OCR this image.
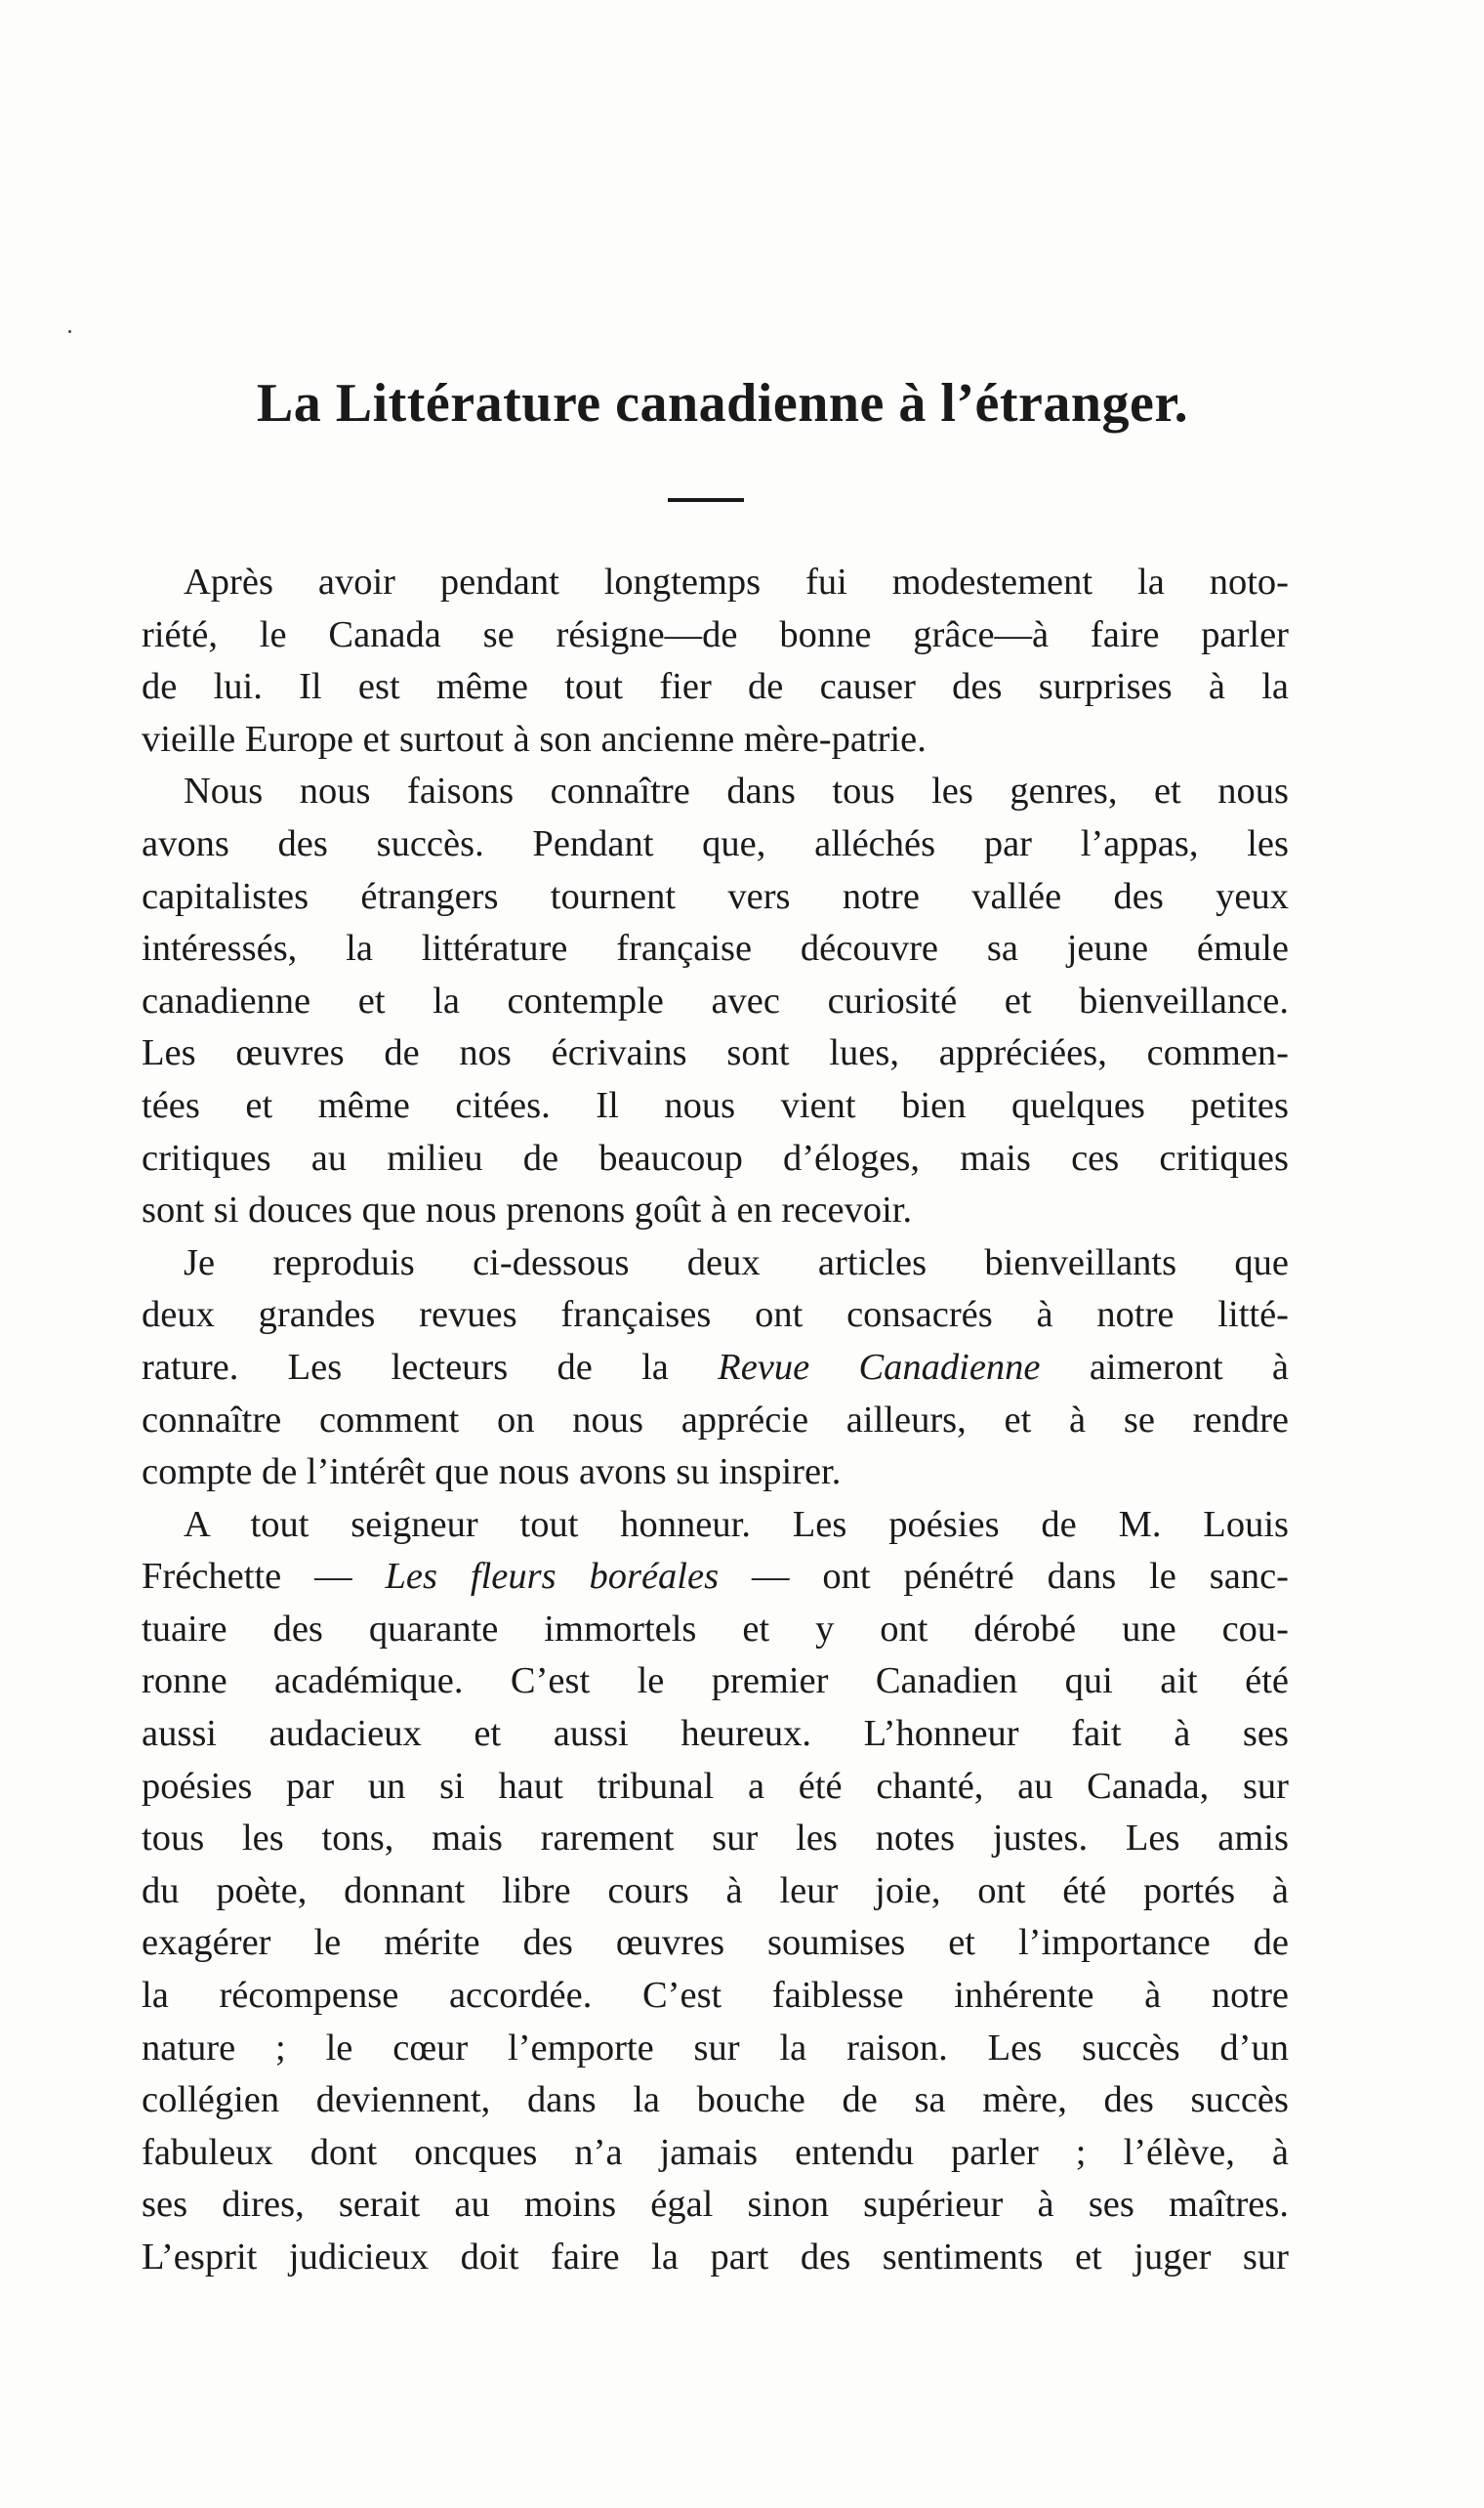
La Littérature canadienne à l’étranger.
Après avoir pendant longtemps fui modestement la noto-
riété, le Canada se résigne—de bonne grâce—à faire parler
de lui. Il est même tout fier de causer des surprises à la
vieille Europe et surtout à son ancienne mère-patrie.
Nous nous faisons connaître dans tous les genres, et nous
avons des succès. Pendant que, alléchés par l’appas, les
capitalistes étrangers tournent vers notre vallée des yeux
intéressés, la littérature française découvre sa jeune émule
canadienne et la contemple avec curiosité et bienveillance.
Les œuvres de nos écrivains sont lues, appréciées, commen-
tées et même citées. Il nous vient bien quelques petites
critiques au milieu de beaucoup d’éloges, mais ces critiques
sont si douces que nous prenons goût à en recevoir.
Je reproduis ci-dessous deux articles bienveillants que
deux grandes revues françaises ont consacrés à notre litté-
rature. Les lecteurs de la Revue Canadienne aimeront à
connaître comment on nous apprécie ailleurs, et à se rendre
compte de l’intérêt que nous avons su inspirer.
A tout seigneur tout honneur. Les poésies de M. Louis
Fréchette — Les fleurs boréales — ont pénétré dans le sanc-
tuaire des quarante immortels et y ont dérobé une cou-
ronne académique. C’est le premier Canadien qui ait été
aussi audacieux et aussi heureux. L’honneur fait à ses
poésies par un si haut tribunal a été chanté, au Canada, sur
tous les tons, mais rarement sur les notes justes. Les amis
du poète, donnant libre cours à leur joie, ont été portés à
exagérer le mérite des œuvres soumises et l’importance de
la récompense accordée. C’est faiblesse inhérente à notre
nature ; le cœur l’emporte sur la raison. Les succès d’un
collégien deviennent, dans la bouche de sa mère, des succès
fabuleux dont oncques n’a jamais entendu parler ; l’élève, à
ses dires, serait au moins égal sinon supérieur à ses maîtres.
L’esprit judicieux doit faire la part des sentiments et juger sur
